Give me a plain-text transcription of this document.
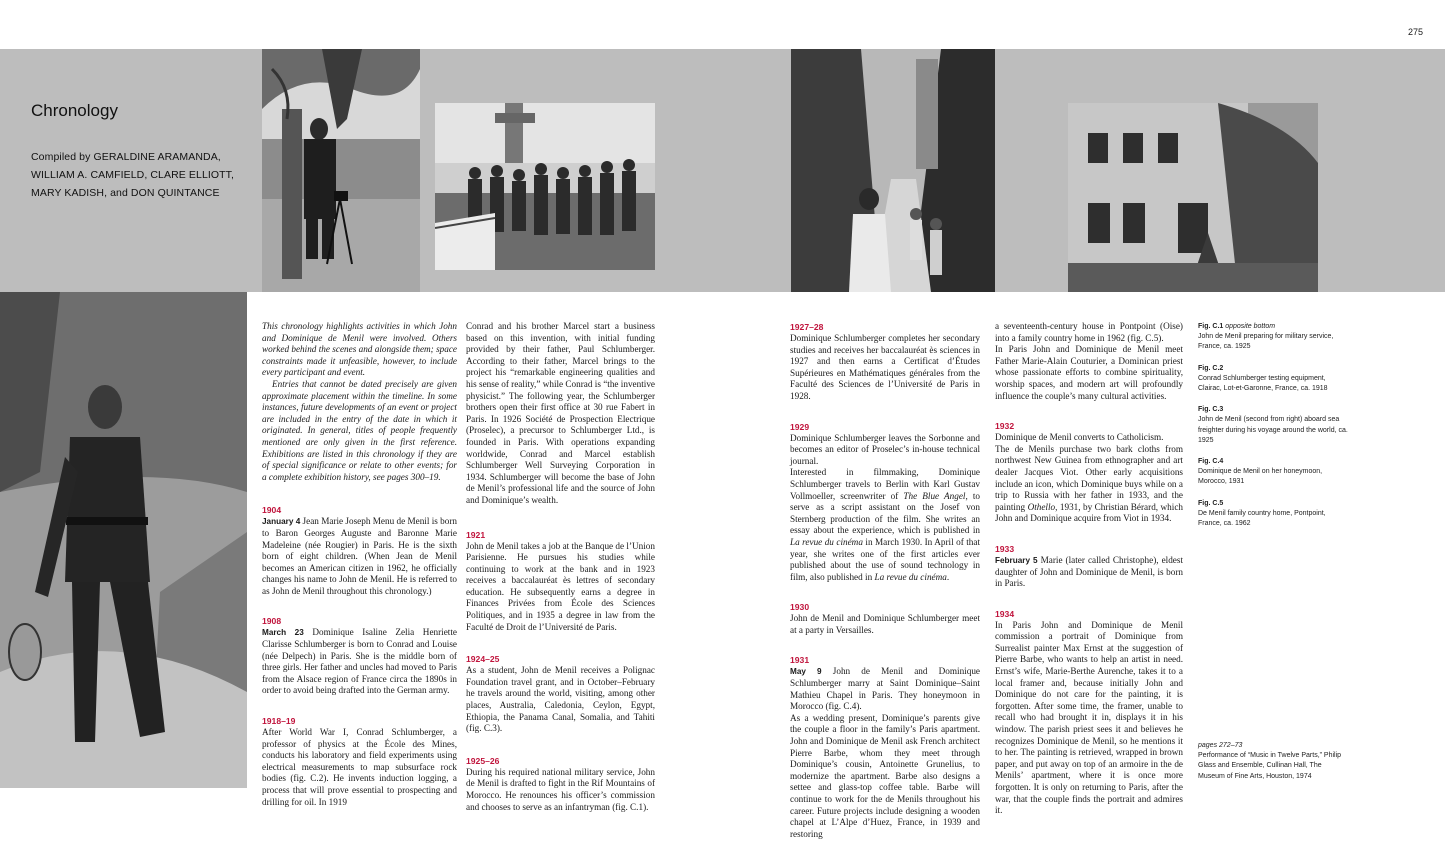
275
Chronology
Compiled by GERALDINE ARAMANDA,
WILLIAM A. CAMFIELD, CLARE ELLIOTT,
MARY KADISH, and DON QUINTANCE

This chronology highlights activities in which John and Dominique de Menil were involved. Others worked behind the scenes and alongside them; space constraints made it unfeasible, however, to include every participant and event.

Entries that cannot be dated precisely are given approximate placement within the timeline. In some instances, future developments of an event or project are included in the entry of the date in which it originated. In general, titles of people frequently mentioned are only given in the first reference. Exhibitions are listed in this chronology if they are of special significance or relate to other events; for a complete exhibition history, see pages 300–19.

1904

January 4 Jean Marie Joseph Menu de Menil is born to Baron Georges Auguste and Baronne Marie Madeleine (née Rougier) in Paris. He is the sixth born of eight children. (When Jean de Menil becomes an American citizen in 1962, he officially changes his name to John de Menil. He is referred to as John de Menil throughout this chronology.)

1908

March 23 Dominique Isaline Zelia Henriette Clarisse Schlumberger is born to Conrad and Louise (née Delpech) in Paris. She is the middle born of three girls. Her father and uncles had moved to Paris from the Alsace region of France circa the 1890s in order to avoid being drafted into the German army.

1918–19

After World War I, Conrad Schlumberger, a professor of physics at the École des Mines, conducts his laboratory and field experiments using electrical measurements to map subsurface rock bodies (fig. C.2). He invents induction logging, a process that will prove essential to prospecting and drilling for oil. In 1919

Conrad and his brother Marcel start a business based on this invention, with initial funding provided by their father, Paul Schlumberger. According to their father, Marcel brings to the project his “remarkable engineering qualities and his sense of reality,” while Conrad is “the inventive physicist.” The following year, the Schlumberger brothers open their first office at 30 rue Fabert in Paris. In 1926 Société de Prospection Electrique (Proselec), a precursor to Schlumberger Ltd., is founded in Paris. With operations expanding worldwide, Conrad and Marcel establish Schlumberger Well Surveying Corporation in 1934. Schlumberger will become the base of John de Menil’s professional life and the source of John and Dominique’s wealth.

1921

John de Menil takes a job at the Banque de l’Union Parisienne. He pursues his studies while continuing to work at the bank and in 1923 receives a baccalauréat ès lettres of secondary education. He subsequently earns a degree in Finances Privées from École des Sciences Politiques, and in 1935 a degree in law from the Faculté de Droit de l’Université de Paris.

1924–25

As a student, John de Menil receives a Polignac Foundation travel grant, and in October–February he travels around the world, visiting, among other places, Australia, Caledonia, Ceylon, Egypt, Ethiopia, the Panama Canal, Somalia, and Tahiti (fig. C.3).

1925–26

During his required national military service, John de Menil is drafted to fight in the Rif Mountains of Morocco. He renounces his officer’s commission and chooses to serve as an infantryman (fig. C.1).

1927–28

Dominique Schlumberger completes her secondary studies and receives her baccalauréat ès sciences in 1927 and then earns a Certificat d’Études Supérieures en Mathématiques générales from the Faculté des Sciences de l’Université de Paris in 1928.

1929

Dominique Schlumberger leaves the Sorbonne and becomes an editor of Proselec’s in-house technical journal.

Interested in filmmaking, Dominique Schlumberger travels to Berlin with Karl Gustav Vollmoeller, screenwriter of The Blue Angel, to serve as a script assistant on the Josef von Sternberg production of the film. She writes an essay about the experience, which is published in La revue du cinéma in March 1930. In April of that year, she writes one of the first articles ever published about the use of sound technology in film, also published in La revue du cinéma.

1930

John de Menil and Dominique Schlumberger meet at a party in Versailles.

1931

May 9 John de Menil and Dominique Schlumberger marry at Saint Dominique–Saint Mathieu Chapel in Paris. They honeymoon in Morocco (fig. C.4).

As a wedding present, Dominique’s parents give the couple a floor in the family’s Paris apartment. John and Dominique de Menil ask French architect Pierre Barbe, whom they meet through Dominique’s cousin, Antoinette Grunelius, to modernize the apartment. Barbe also designs a settee and glass-top coffee table. Barbe will continue to work for the de Menils throughout his career. Future projects include designing a wooden chapel at L’Alpe d’Huez, France, in 1939 and restoring

a seventeenth-century house in Pontpoint (Oise) into a family country home in 1962 (fig. C.5).

In Paris John and Dominique de Menil meet Father Marie-Alain Couturier, a Dominican priest whose passionate efforts to combine spirituality, worship spaces, and modern art will profoundly influence the couple’s many cultural activities.

1932

Dominique de Menil converts to Catholicism.

The de Menils purchase two bark cloths from northwest New Guinea from ethnographer and art dealer Jacques Viot. Other early acquisitions include an icon, which Dominique buys while on a trip to Russia with her father in 1933, and the painting Othello, 1931, by Christian Bérard, which John and Dominique acquire from Viot in 1934.

1933

February 5 Marie (later called Christophe), eldest daughter of John and Dominique de Menil, is born in Paris.

1934

In Paris John and Dominique de Menil commission a portrait of Dominique from Surrealist painter Max Ernst at the suggestion of Pierre Barbe, who wants to help an artist in need. Ernst’s wife, Marie-Berthe Aurenche, takes it to a local framer and, because initially John and Dominique do not care for the painting, it is forgotten. After some time, the framer, unable to recall who had brought it in, displays it in his window. The parish priest sees it and believes he recognizes Dominique de Menil, so he mentions it to her. The painting is retrieved, wrapped in brown paper, and put away on top of an armoire in the de Menils’ apartment, where it is once more forgotten. It is only on returning to Paris, after the war, that the couple finds the portrait and admires it.

Fig. C.1 opposite bottom
John de Menil preparing for military service, France, ca. 1925
Fig. C.2
Conrad Schlumberger testing equipment, Clairac, Lot-et-Garonne, France, ca. 1918
Fig. C.3
John de Menil (second from right) aboard sea freighter during his voyage around the world, ca. 1925
Fig. C.4
Dominique de Menil on her honeymoon, Morocco, 1931
Fig. C.5
De Menil family country home, Pontpoint, France, ca. 1962
pages 272–73
Performance of “Music in Twelve Parts,” Philip Glass and Ensemble, Cullinan Hall, The Museum of Fine Arts, Houston, 1974
